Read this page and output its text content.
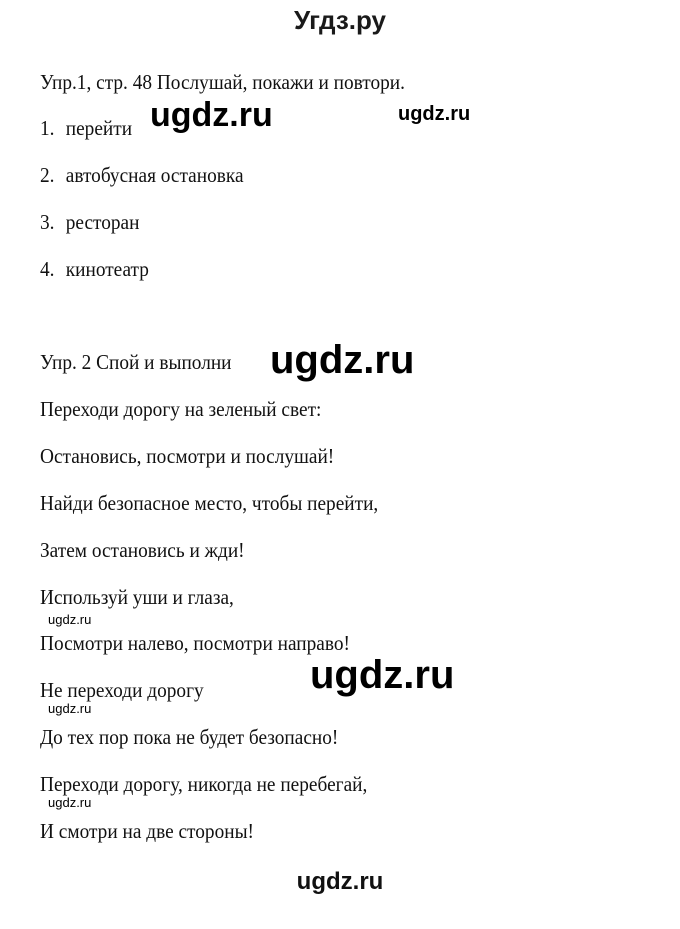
Угдз.ру
Упр.1, стр. 48 Послушай, покажи и повтори.
1. перейти
2. автобусная остановка
3. ресторан
4. кинотеатр
Упр. 2 Спой и выполни
Переходи дорогу на зеленый свет:
Остановись, посмотри и послушай!
Найди безопасное место, чтобы перейти,
Затем остановись и жди!
Используй уши и глаза,
Посмотри налево, посмотри направо!
Не переходи дорогу
До тех пор пока не будет безопасно!
Переходи дорогу, никогда не перебегай,
И смотри на две стороны!
ugdz.ru	ugdz.ru
ugdz.ru
ugdz.ru
ugdz.ru
ugdz.ru
ugdz.ru
ugdz.ru
